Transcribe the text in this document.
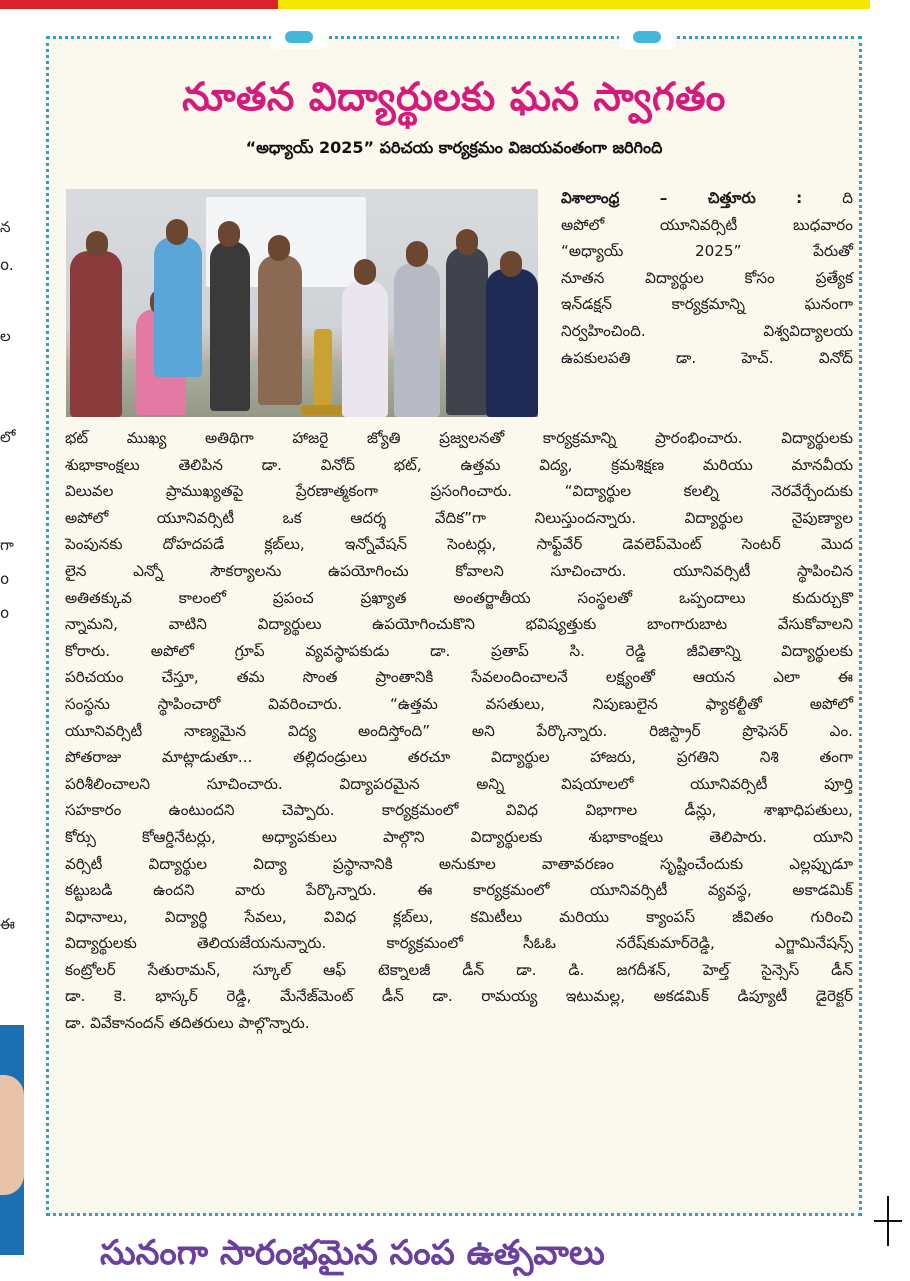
న
o.
ల
లో
గా
o
o
ఈ
నూతన విద్యార్థులకు ఘన స్వాగతం
“అధ్యాయ్ 2025” పరిచయ కార్యక్రమం విజయవంతంగా జరిగింది
విశాలాంధ్ర – చిత్తూరు :	ది
అపోలో యూనివర్సిటీ బుధవారం
“అధ్యాయ్ 2025” పేరుతో
నూతన విద్యార్థుల కోసం ప్రత్యేక
ఇన్‌డక్షన్ కార్యక్రమాన్ని ఘనంగా
నిర్వహించింది. విశ్వవిద్యాలయ
ఉపకులపతి డా. హెచ్. వినోద్
భట్ ముఖ్య అతిథిగా హాజరై జ్యోతి ప్రజ్వలనతో కార్యక్రమాన్ని ప్రారంభించారు. విద్యార్థులకు
శుభాకాంక్షలు తెలిపిన డా. వినోద్ భట్, ఉత్తమ విద్య, క్రమశిక్షణ మరియు మానవీయ
విలువల ప్రాముఖ్యతపై ప్రేరణాత్మకంగా ప్రసంగించారు. “విద్యార్థుల కలల్ని నెరవేర్చేందుకు
అపోలో యూనివర్సిటీ ఒక ఆదర్శ వేదిక”గా నిలుస్తుందన్నారు. విద్యార్థుల నైపుణ్యాల
పెంపునకు దోహదపడే క్లబ్‌లు, ఇన్నోవేషన్ సెంటర్లు, సాఫ్ట్‌వేర్ డెవలెప్‌మెంట్ సెంటర్ మొద
లైన ఎన్నో సౌకర్యాలను ఉపయోగించు కోవాలని సూచించారు. యూనివర్సిటీ స్థాపించిన
అతితక్కువ కాలంలో ప్రపంచ ప్రఖ్యాత అంతర్జాతీయ సంస్థలతో ఒప్పందాలు కుదుర్చుకొ
న్నామని, వాటిని విద్యార్థులు ఉపయోగించుకొని భవిష్యత్తుకు బాంగారుబాట వేసుకోవాలని
కోరారు. అపోలో గ్రూప్ వ్యవస్థాపకుడు డా. ప్రతాప్ సి. రెడ్డి జీవితాన్ని విద్యార్థులకు
పరిచయం చేస్తూ, తమ సొంత ప్రాంతానికి సేవలందించాలనే లక్ష్యంతో ఆయన ఎలా ఈ
సంస్థను స్థాపించారో వివరించారు. “ఉత్తమ వసతులు, నిపుణులైన ఫ్యాకల్టీతో అపోలో
యూనివర్సిటీ నాణ్యమైన విద్య అందిస్తోంది” అని పేర్కొన్నారు. రిజిస్ట్రార్ ప్రొఫెసర్ ఎం.
పోతరాజు మాట్లాడుతూ... తల్లిదండ్రులు తరచూ విద్యార్థుల హాజరు, ప్రగతిని నిశి తంగా
పరిశీలించాలని సూచించారు. విద్యాపరమైన అన్ని విషయాలలో యూనివర్సిటీ పూర్తి
సహకారం ఉంటుందని చెప్పారు. కార్యక్రమంలో వివిధ విభాగాల డీన్లు, శాఖాధిపతులు,
కోర్సు కోఆర్డినేటర్లు, అధ్యాపకులు పాల్గొని విద్యార్థులకు శుభాకాంక్షలు తెలిపారు. యూని
వర్సిటీ విద్యార్థుల విద్యా ప్రస్థానానికి అనుకూల వాతావరణం సృష్టించేందుకు ఎల్లప్పుడూ
కట్టుబడి ఉందని వారు పేర్కొన్నారు. ఈ కార్యక్రమంలో యూనివర్సిటీ వ్యవస్థ, అకాడమిక్
విధానాలు, విద్యార్థి సేవలు, వివిధ క్లబ్‌లు, కమిటీలు మరియు క్యాంపస్ జీవితం గురించి
విద్యార్థులకు తెలియజేయనున్నారు. కార్యక్రమంలో సీఓఓ నరేష్‌కుమార్‌రెడ్డి, ఎగ్జామినేషన్స్
కంట్రోలర్ సేతురామన్, స్కూల్ ఆఫ్ టెక్నాలజీ డీన్ డా. డి. జగదీశన్, హెల్త్ సైన్సెస్ డీన్
డా. కె. భాస్కర్ రెడ్డి, మేనేజ్‌మెంట్ డీన్ డా. రామయ్య ఇటుమల్ల, అకడమిక్ డిప్యూటీ డైరెక్టర్
డా. వివేకానందన్ తదితరులు పాల్గొన్నారు.
సునంగా సారంభమైన సంప ఉత్సవాలు
